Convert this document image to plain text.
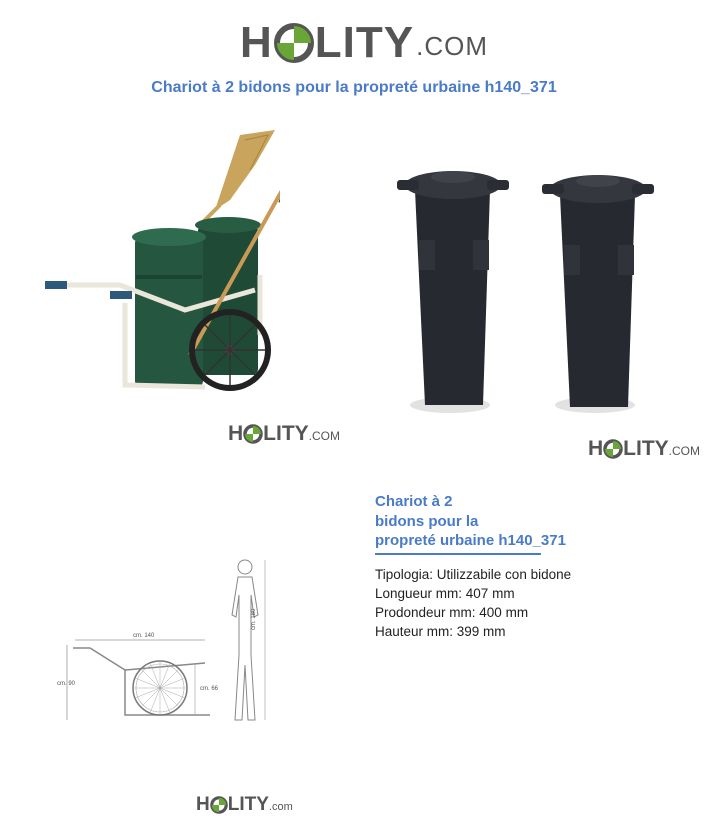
H LITY .COM
Chariot à 2 bidons pour la propreté urbaine h140_371
H LITY .COM
H LITY .COM
cm. 140
cm. 90
cm. 66
cm. 180
H LITY .com
Chariot à 2
bidons pour la
propreté urbaine h140_371
Tipologia: Utilizzabile con bidone
Longueur mm: 407 mm
Prodondeur mm: 400 mm
Hauteur mm: 399 mm
